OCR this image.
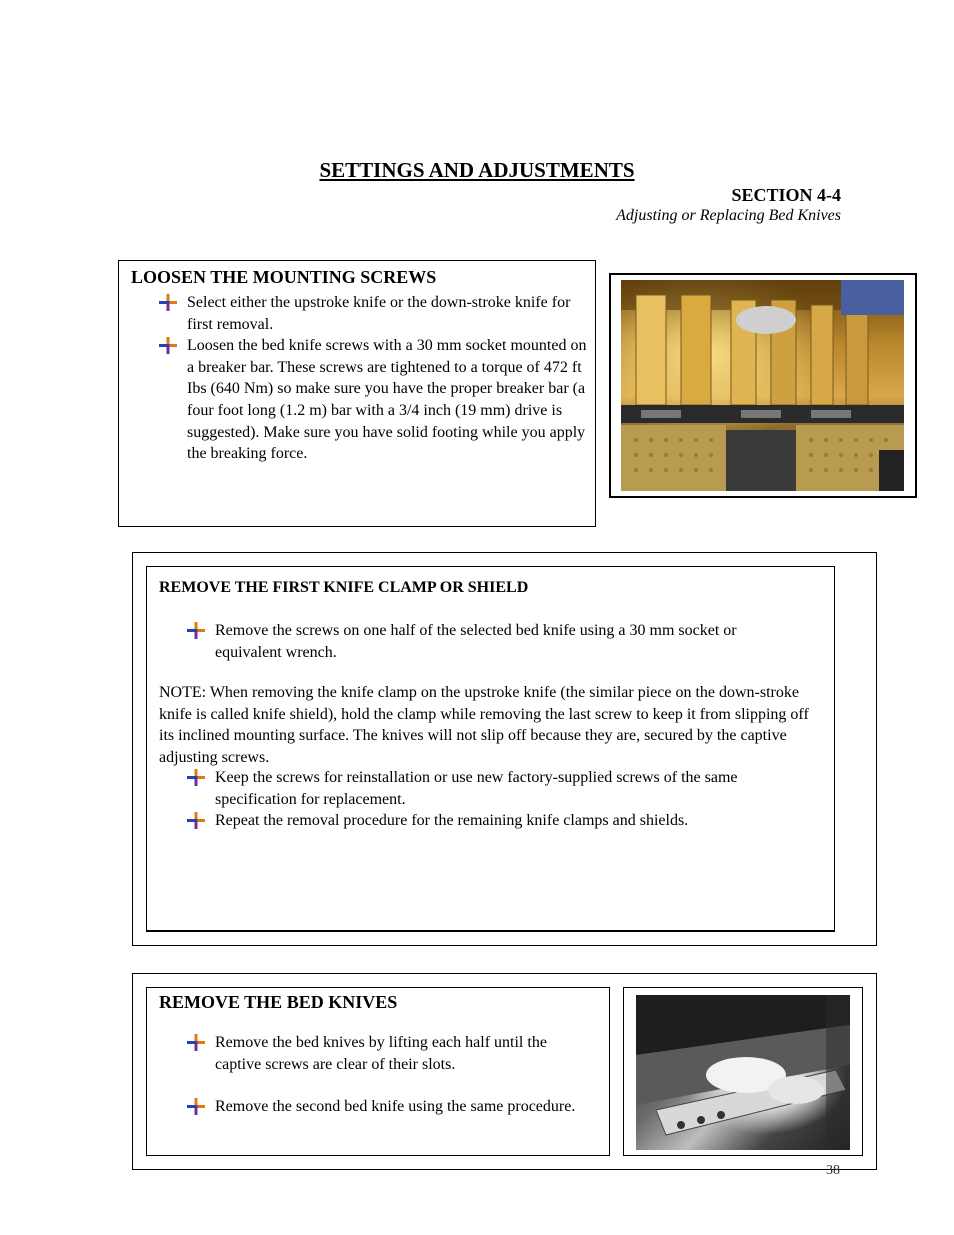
SETTINGS AND ADJUSTMENTS
SECTION 4-4
Adjusting or Replacing Bed Knives
LOOSEN THE MOUNTING SCREWS
Select either the upstroke knife or the down-stroke knife for first removal.
Loosen the bed knife screws with a 30 mm socket mounted on a breaker bar. These screws are tightened to a torque of 472 ft Ibs (640 Nm) so make sure you have the proper breaker bar (a four foot long (1.2 m) bar with a 3/4 inch (19 mm) drive is suggested). Make sure you have solid footing while you apply the breaking force.
REMOVE THE FIRST KNIFE CLAMP OR SHIELD
Remove the screws on one half of the selected bed knife using a 30 mm socket or equivalent wrench.
NOTE: When removing the knife clamp on the upstroke knife (the similar piece on the down-stroke knife is called knife shield), hold the clamp while removing the last screw to keep it from slipping off its inclined mounting surface. The knives will not slip off because they are, secured by the captive adjusting screws.
Keep the screws for reinstallation or use new factory-supplied screws of the same specification for replacement.
Repeat the removal procedure for the remaining knife clamps and shields.
REMOVE THE BED KNIVES
Remove the bed knives by lifting each half until the captive screws are clear of their slots.
Remove the second bed knife using the same procedure.
38
